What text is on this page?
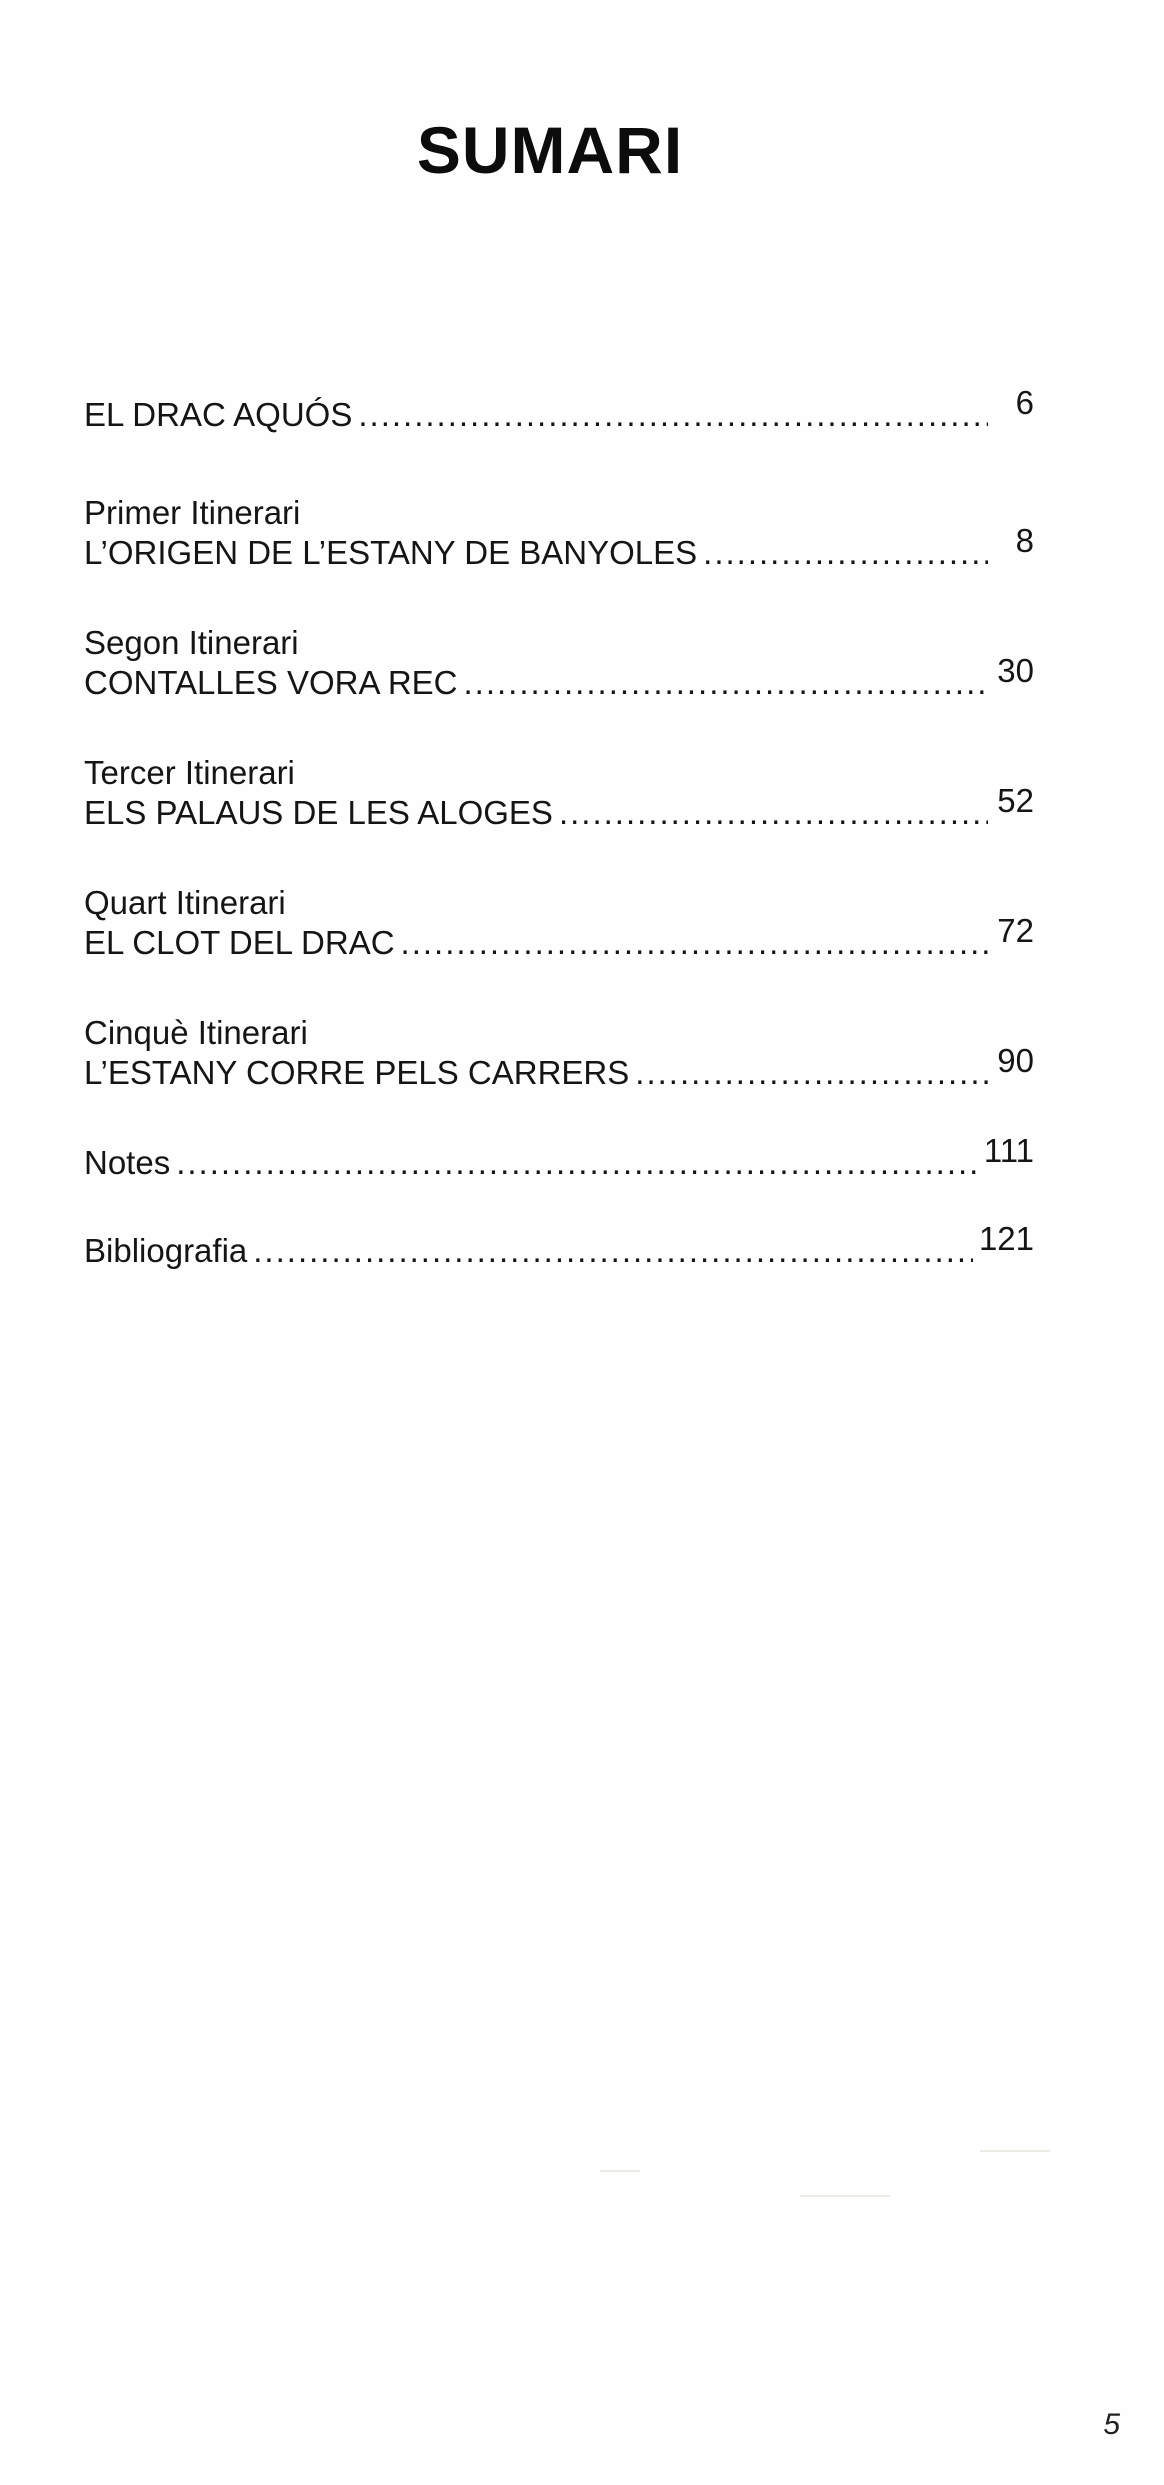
SUMARI
EL DRAC AQUÓS .....	6
Primer Itinerari
L’ORIGEN DE L’ESTANY DE BANYOLES .....	8
Segon Itinerari
CONTALLES VORA REC .....	30
Tercer Itinerari
ELS PALAUS DE LES ALOGES .....	52
Quart Itinerari
EL CLOT DEL DRAC .....	72
Cinquè Itinerari
L’ESTANY CORRE PELS CARRERS .....	90
Notes .....	111
Bibliografia .....	121
5
